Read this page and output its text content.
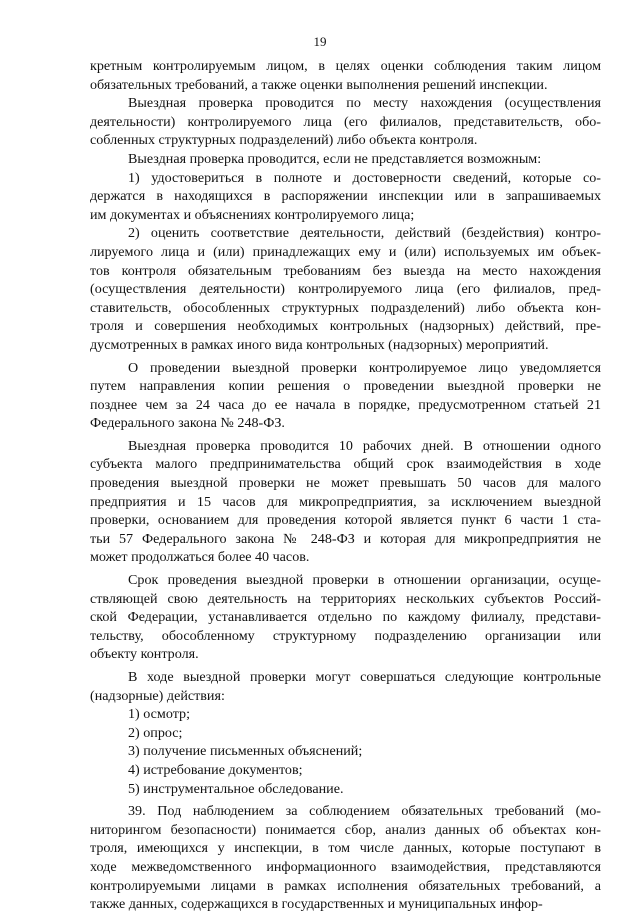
19

кретным контролируемым лицом, в целях оценки соблюдения таким лицом

обязательных требований, а также оценки выполнения решений инспекции.

Выездная проверка проводится по месту нахождения (осуществления

деятельности) контролируемого лица (его филиалов, представительств, обо-

собленных структурных подразделений) либо объекта контроля.

Выездная проверка проводится, если не представляется возможным:

1) удостовериться в полноте и достоверности сведений, которые со-

держатся в находящихся в распоряжении инспекции или в запрашиваемых

им документах и объяснениях контролируемого лица;

2) оценить соответствие деятельности, действий (бездействия) контро-

лируемого лица и (или) принадлежащих ему и (или) используемых им объек-

тов контроля обязательным требованиям без выезда на место нахождения

(осуществления деятельности) контролируемого лица (его филиалов, пред-

ставительств, обособленных структурных подразделений) либо объекта кон-

троля и совершения необходимых контрольных (надзорных) действий, пре-

дусмотренных в рамках иного вида контрольных (надзорных) мероприятий.

О проведении выездной проверки контролируемое лицо уведомляется

путем направления копии решения о проведении выездной проверки не

позднее чем за 24 часа до ее начала в порядке, предусмотренном статьей 21

Федерального закона № 248-ФЗ.

Выездная проверка проводится 10 рабочих дней. В отношении одного

субъекта малого предпринимательства общий срок взаимодействия в ходе

проведения выездной проверки не может превышать 50 часов для малого

предприятия и 15 часов для микропредприятия, за исключением выездной

проверки, основанием для проведения которой является пункт 6 части 1 ста-

тьи 57 Федерального закона № 248-ФЗ и которая для микропредприятия не

может продолжаться более 40 часов.

Срок проведения выездной проверки в отношении организации, осуще-

ствляющей свою деятельность на территориях нескольких субъектов Россий-

ской Федерации, устанавливается отдельно по каждому филиалу, представи-

тельству, обособленному структурному подразделению организации или

объекту контроля.

В ходе выездной проверки могут совершаться следующие контрольные

(надзорные) действия:

1) осмотр;

2) опрос;

3) получение письменных объяснений;

4) истребование документов;

5) инструментальное обследование.

39. Под наблюдением за соблюдением обязательных требований (мо-

ниторингом безопасности) понимается сбор, анализ данных об объектах кон-

троля, имеющихся у инспекции, в том числе данных, которые поступают в

ходе межведомственного информационного взаимодействия, представляются

контролируемыми лицами в рамках исполнения обязательных требований, а

также данных, содержащихся в государственных и муниципальных инфор-
